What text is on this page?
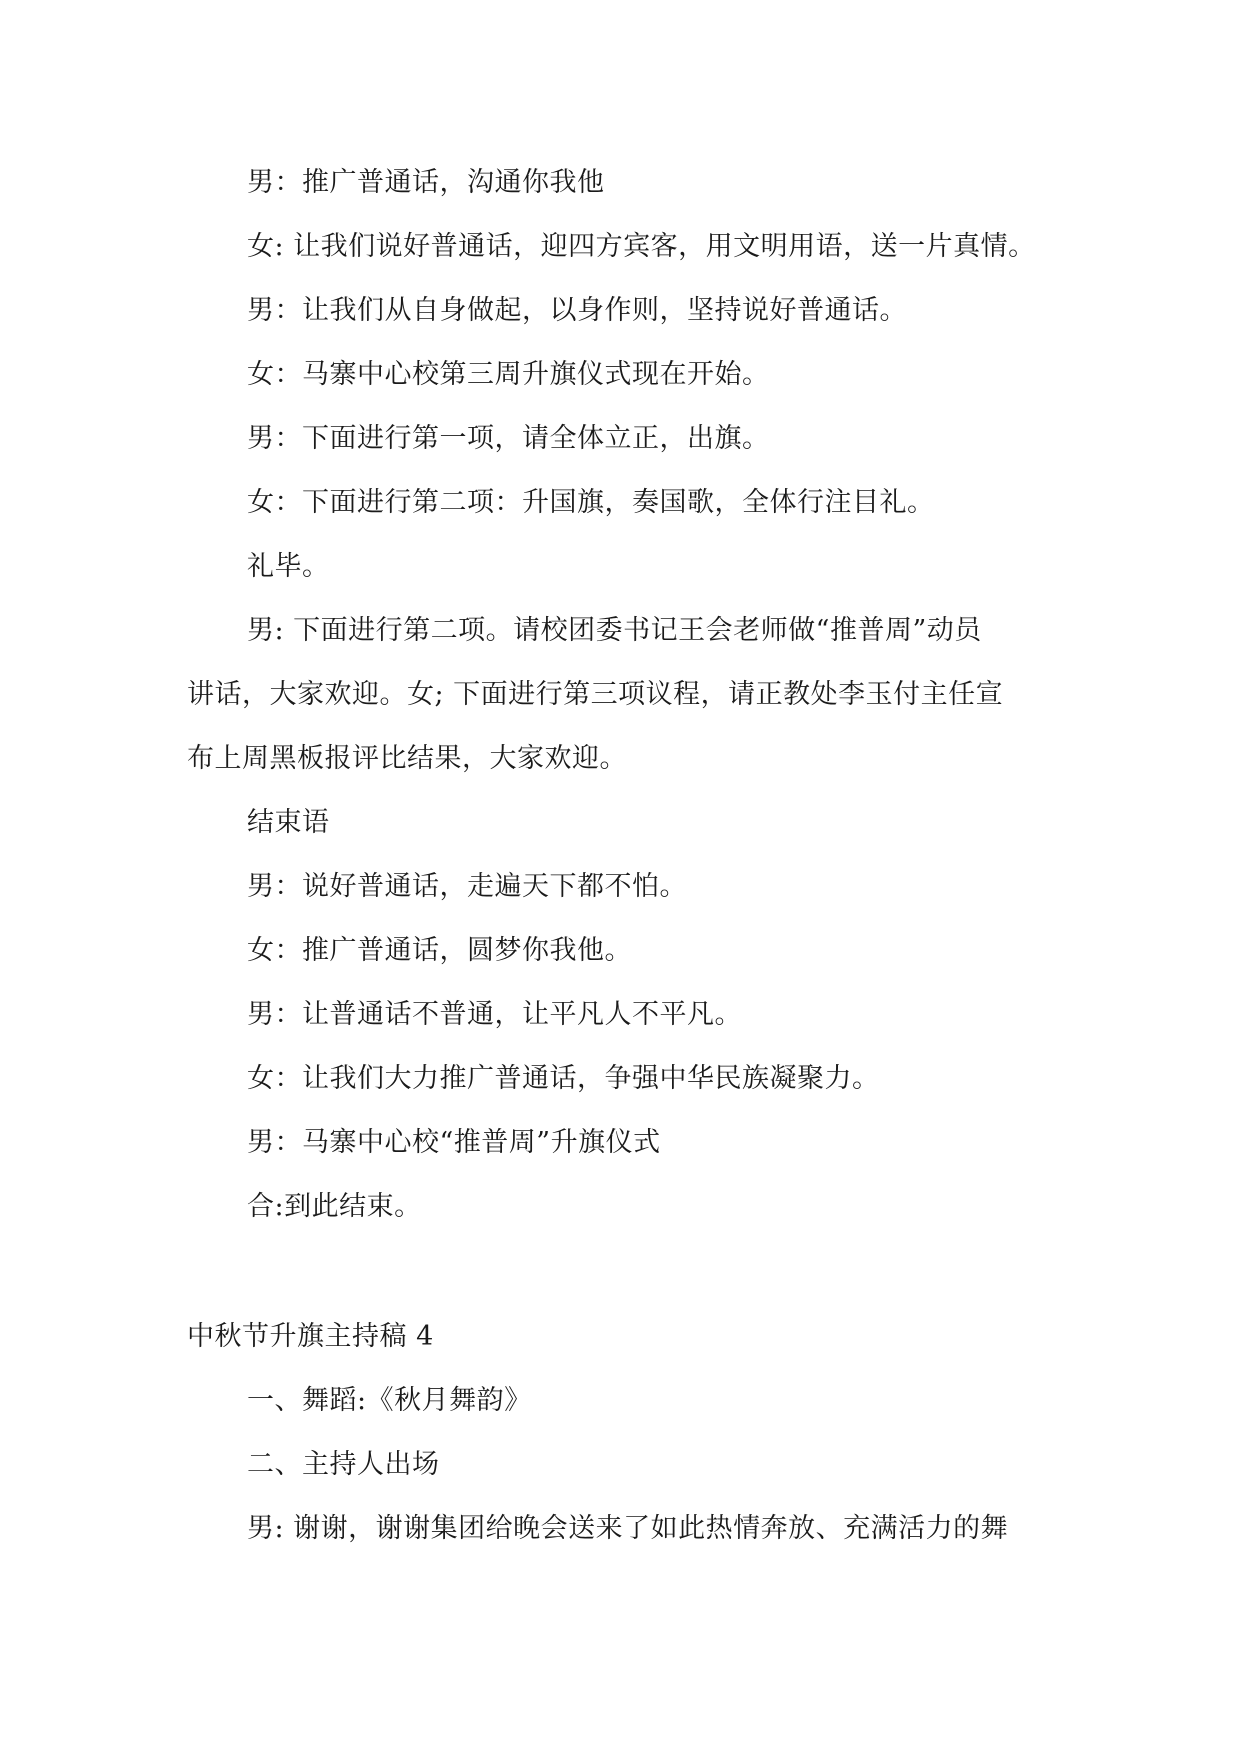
男：推广普通话，沟通你我他
女: 让我们说好普通话，迎四方宾客，用文明用语，送一片真情。
男：让我们从自身做起，以身作则，坚持说好普通话。
女：马寨中心校第三周升旗仪式现在开始。
男：下面进行第一项，请全体立正，出旗。
女：下面进行第二项：升国旗，奏国歌，全体行注目礼。
礼毕。
男: 下面进行第二项。请校团委书记王会老师做“推普周”动员
讲话，大家欢迎。女; 下面进行第三项议程，请正教处李玉付主任宣
布上周黑板报评比结果，大家欢迎。
结束语
男：说好普通话，走遍天下都不怕。
女：推广普通话，圆梦你我他。
男：让普通话不普通，让平凡人不平凡。
女：让我们大力推广普通话，争强中华民族凝聚力。
男：马寨中心校“推普周”升旗仪式
合:到此结束。
中秋节升旗主持稿 4
一、舞蹈:《秋月舞韵》
二、主持人出场
男: 谢谢，谢谢集团给晚会送来了如此热情奔放、充满活力的舞
